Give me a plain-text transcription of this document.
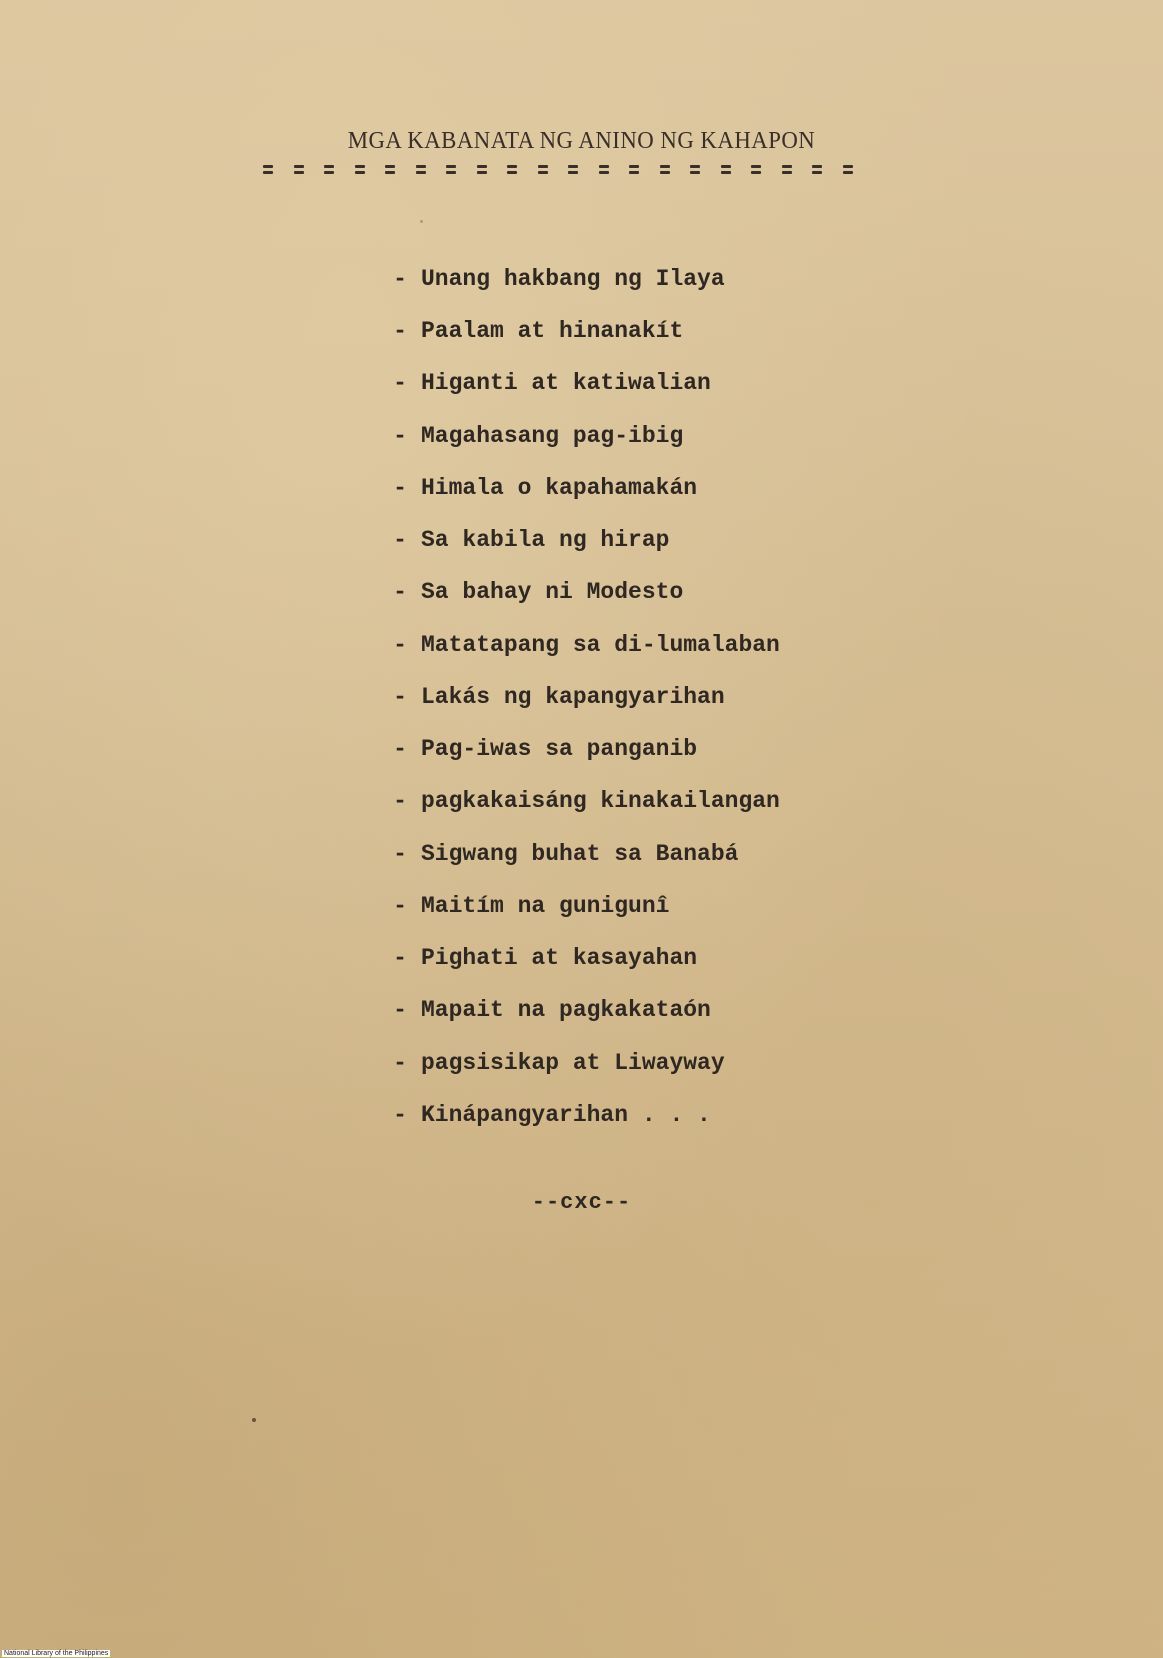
MGA KABANATA NG ANINO NG KAHAPON
- Unang hakbang ng Ilaya
- Paalam at hinanakít
- Higanti at katiwalian
- Magahasang pag-ibig
- Himala o kapahamakán
- Sa kabila ng hirap
- Sa bahay ni Modesto
- Matatapang sa di-lumalaban
- Lakás ng kapangyarihan
- Pag-iwas sa panganib
- pagkakaisáng kinakailangan
- Sigwang buhat sa Banabá
- Maitím na gunigunî
- Pighati at kasayahan
- Mapait na pagkakataón
- pagsisikap at Liwayway
- Kinápangyarihan . . .
--cxc--
National Library of the Philippines
